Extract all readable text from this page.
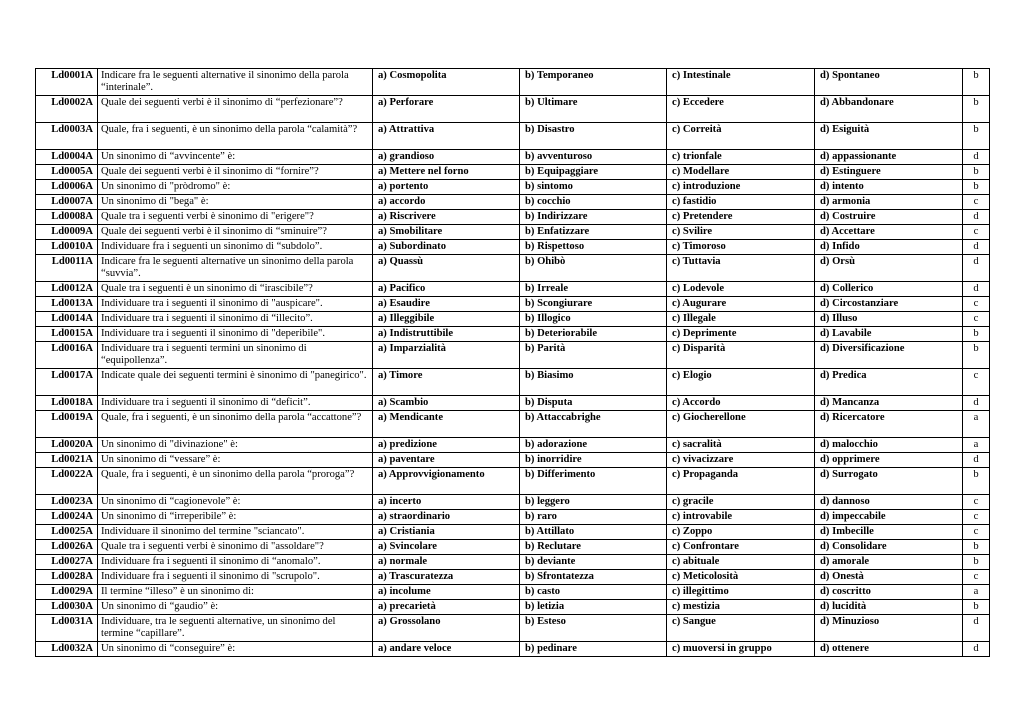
Ld0001A	Indicare fra le seguenti alternative il sinonimo della parola “interinale”.	a) Cosmopolita	b) Temporaneo	c) Intestinale	d) Spontaneo	b
Ld0002A	Quale dei seguenti verbi è il sinonimo di “perfezionare”?	a) Perforare	b) Ultimare	c) Eccedere	d) Abbandonare	b
Ld0003A	Quale, fra i seguenti, è un sinonimo della parola “calamità”?	a) Attrattiva	b) Disastro	c) Correità	d) Esiguità	b
Ld0004A	Un sinonimo di “avvincente” è:	a) grandioso	b) avventuroso	c) trionfale	d) appassionante	d
Ld0005A	Quale dei seguenti verbi è il sinonimo di “fornire”?	a) Mettere nel forno	b) Equipaggiare	c) Modellare	d) Estinguere	b
Ld0006A	Un sinonimo di "pròdromo" è:	a) portento	b) sintomo	c) introduzione	d) intento	b
Ld0007A	Un sinonimo di "bega" è:	a) accordo	b) cocchio	c) fastidio	d) armonia	c
Ld0008A	Quale tra i seguenti verbi è sinonimo di "erigere"?	a) Riscrivere	b) Indirizzare	c) Pretendere	d) Costruire	d
Ld0009A	Quale dei seguenti verbi è il sinonimo di “sminuire”?	a) Smobilitare	b) Enfatizzare	c) Svilire	d) Accettare	c
Ld0010A	Individuare fra i seguenti un sinonimo di “subdolo”.	a) Subordinato	b) Rispettoso	c) Timoroso	d) Infido	d
Ld0011A	Indicare fra le seguenti alternative un sinonimo della parola “suvvia”.	a) Quassù	b) Ohibò	c) Tuttavia	d) Orsù	d
Ld0012A	Quale tra i seguenti è un sinonimo di “irascibile”?	a) Pacifico	b) Irreale	c) Lodevole	d) Collerico	d
Ld0013A	Individuare tra i seguenti il sinonimo di "auspicare".	a) Esaudire	b) Scongiurare	c) Augurare	d) Circostanziare	c
Ld0014A	Individuare tra i seguenti il sinonimo di “illecito”.	a) Illeggibile	b) Illogico	c) Illegale	d) Illuso	c
Ld0015A	Individuare tra i seguenti il sinonimo di "deperibile".	a) Indistruttibile	b) Deteriorabile	c) Deprimente	d) Lavabile	b
Ld0016A	Individuare tra i seguenti termini un sinonimo di “equipollenza”.	a) Imparzialità	b) Parità	c) Disparità	d) Diversificazione	b
Ld0017A	Indicate quale dei seguenti termini è sinonimo di "panegirico".	a) Timore	b) Biasimo	c) Elogio	d) Predica	c
Ld0018A	Individuare tra i seguenti il sinonimo di “deficit”.	a) Scambio	b) Disputa	c) Accordo	d) Mancanza	d
Ld0019A	Quale, fra i seguenti, è un sinonimo della parola “accattone”?	a) Mendicante	b) Attaccabrighe	c) Giocherellone	d) Ricercatore	a
Ld0020A	Un sinonimo di "divinazione" è:	a) predizione	b) adorazione	c) sacralità	d) malocchio	a
Ld0021A	Un sinonimo di “vessare” è:	a) paventare	b) inorridire	c) vivacizzare	d) opprimere	d
Ld0022A	Quale, fra i seguenti, è un sinonimo della parola “proroga”?	a) Approvvigionamento	b) Differimento	c) Propaganda	d) Surrogato	b
Ld0023A	Un sinonimo di “cagionevole” è:	a) incerto	b) leggero	c) gracile	d) dannoso	c
Ld0024A	Un sinonimo di “irreperibile” è:	a) straordinario	b) raro	c) introvabile	d) impeccabile	c
Ld0025A	Individuare il sinonimo del termine "sciancato".	a) Cristiania	b) Attillato	c) Zoppo	d) Imbecille	c
Ld0026A	Quale tra i seguenti verbi è sinonimo di "assoldare"?	a) Svincolare	b) Reclutare	c) Confrontare	d) Consolidare	b
Ld0027A	Individuare fra i seguenti il sinonimo di “anomalo”.	a) normale	b) deviante	c) abituale	d) amorale	b
Ld0028A	Individuare fra i seguenti il sinonimo di "scrupolo".	a) Trascuratezza	b) Sfrontatezza	c) Meticolosità	d) Onestà	c
Ld0029A	Il termine “illeso” è un sinonimo di:	a) incolume	b) casto	c) illegittimo	d) coscritto	a
Ld0030A	Un sinonimo di “gaudio” è:	a) precarietà	b) letizia	c) mestizia	d) lucidità	b
Ld0031A	Individuare, tra le seguenti alternative, un sinonimo del termine “capillare”.	a) Grossolano	b) Esteso	c) Sangue	d) Minuzioso	d
Ld0032A	Un sinonimo di “conseguire” è:	a) andare veloce	b) pedinare	c) muoversi in gruppo	d) ottenere	d
